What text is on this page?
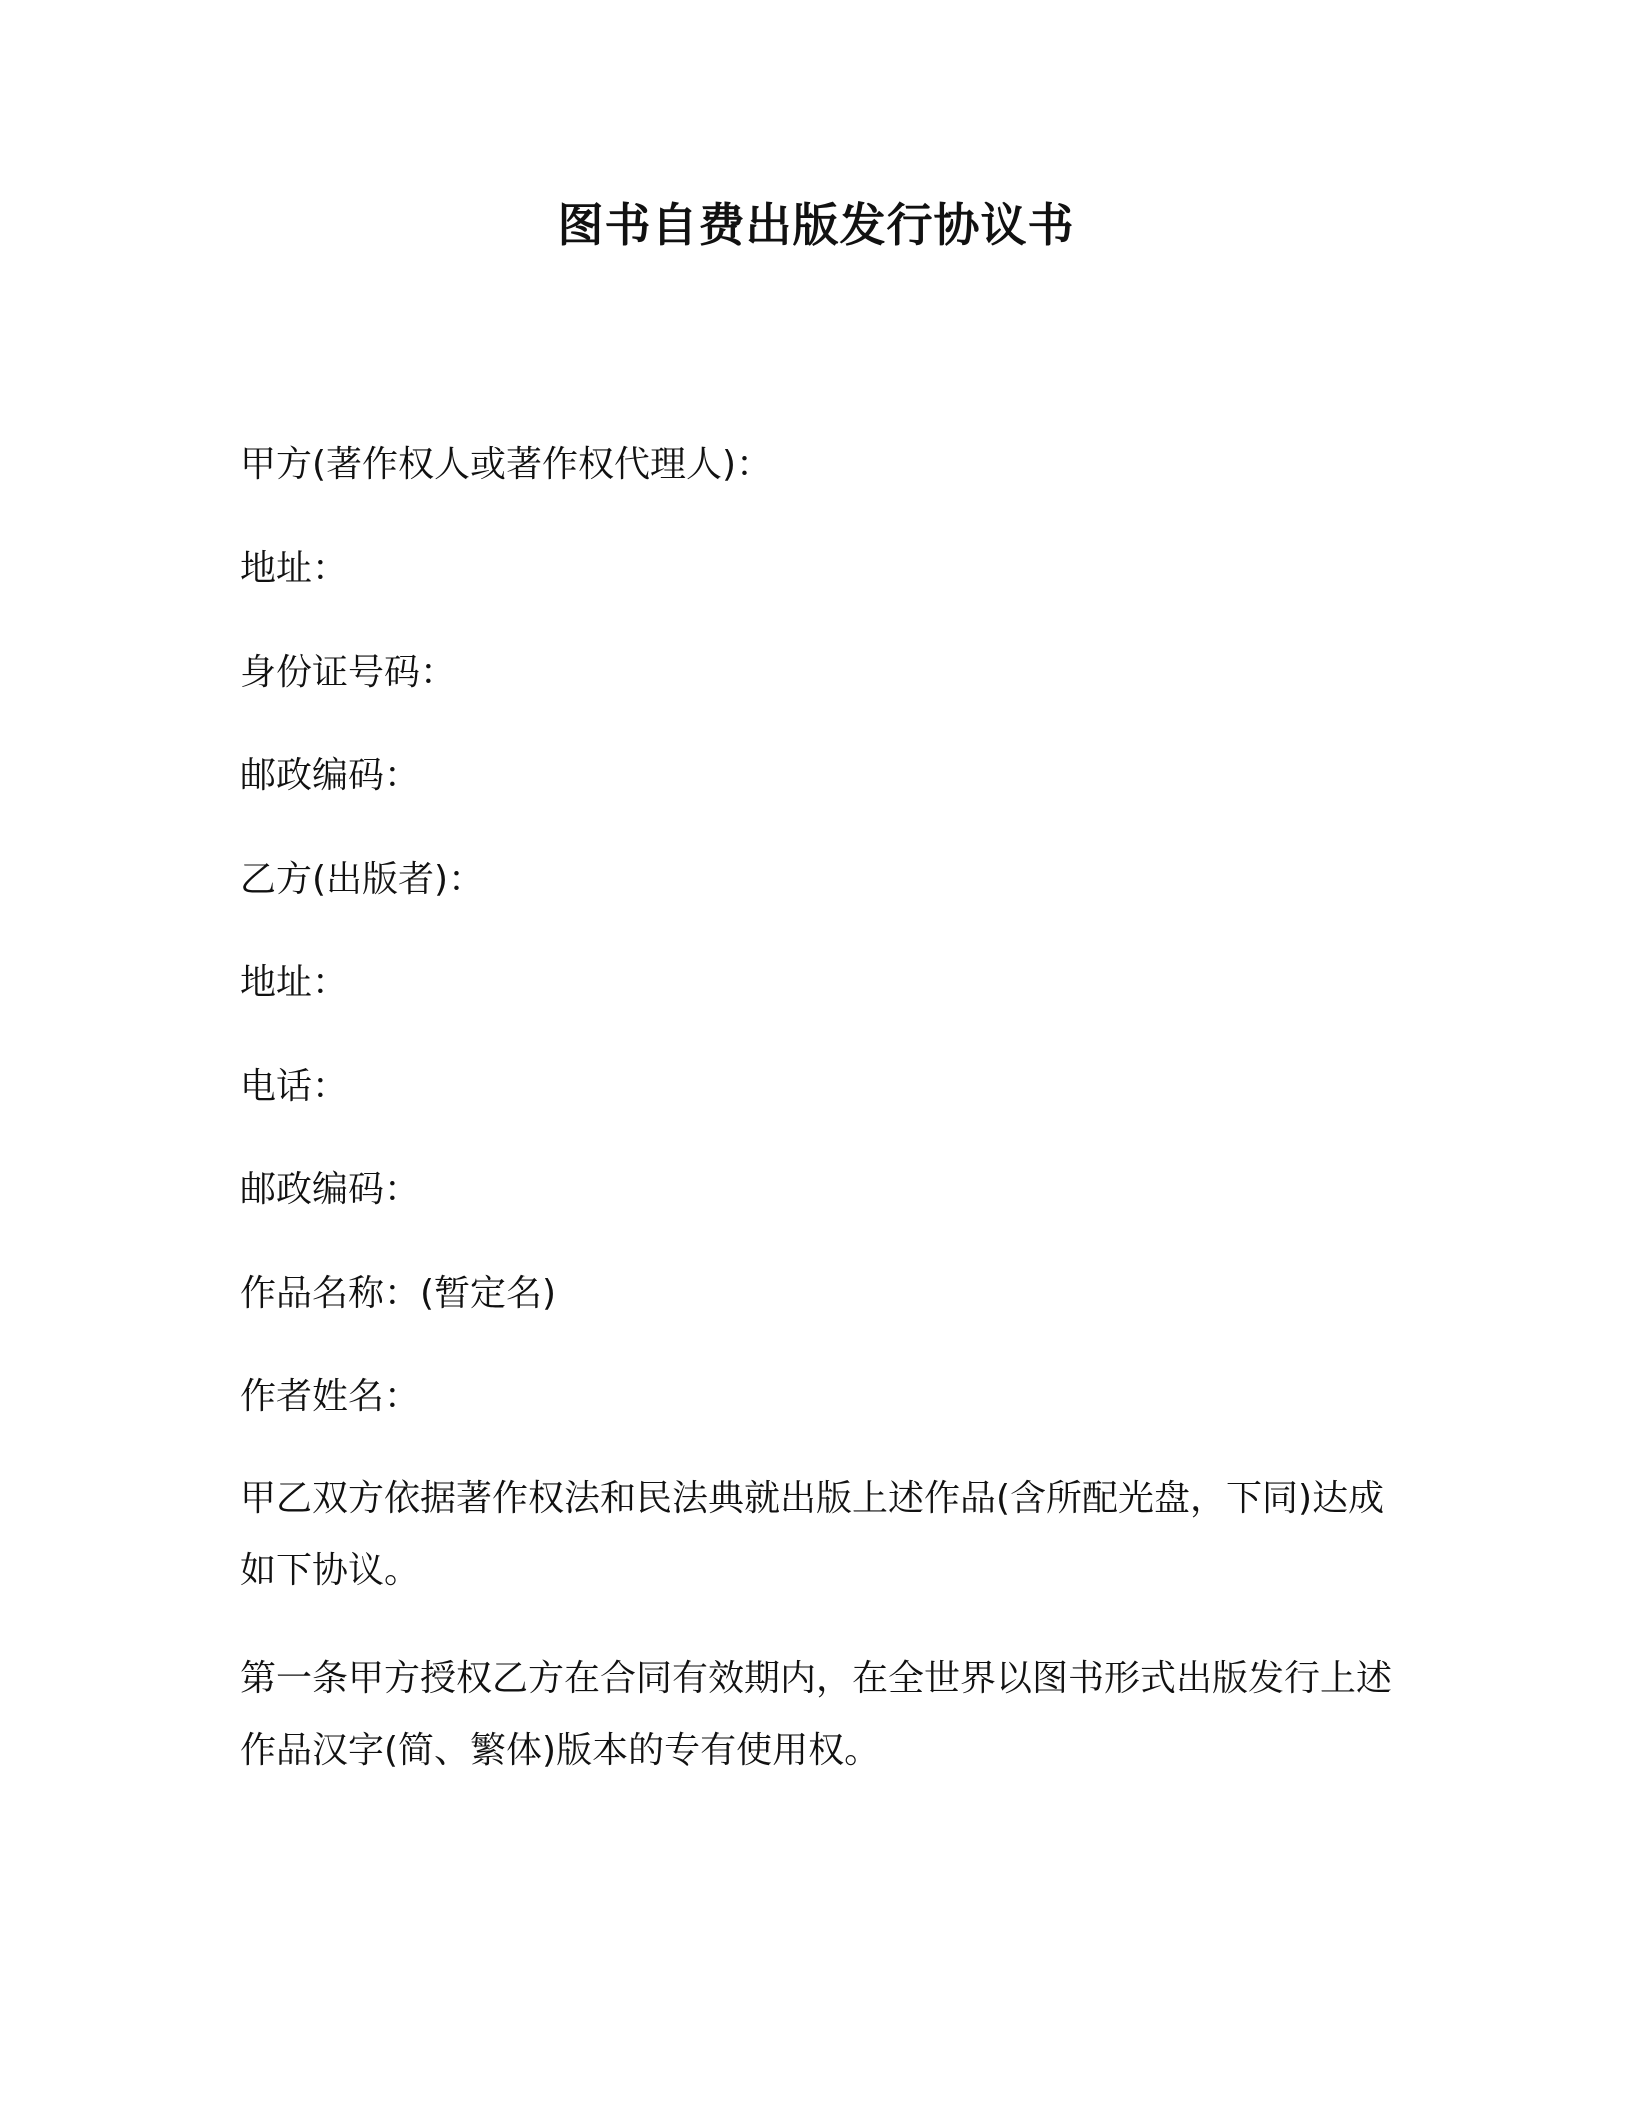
图书自费出版发行协议书
甲方(著作权人或著作权代理人)：
地址：
身份证号码：
邮政编码：
乙方(出版者)：
地址：
电话：
邮政编码：
作品名称：(暂定名)
作者姓名：
甲乙双方依据著作权法和民法典就出版上述作品(含所配光盘，下同)达成如下协议。
第一条甲方授权乙方在合同有效期内，在全世界以图书形式出版发行上述作品汉字(简、繁体)版本的专有使用权。
